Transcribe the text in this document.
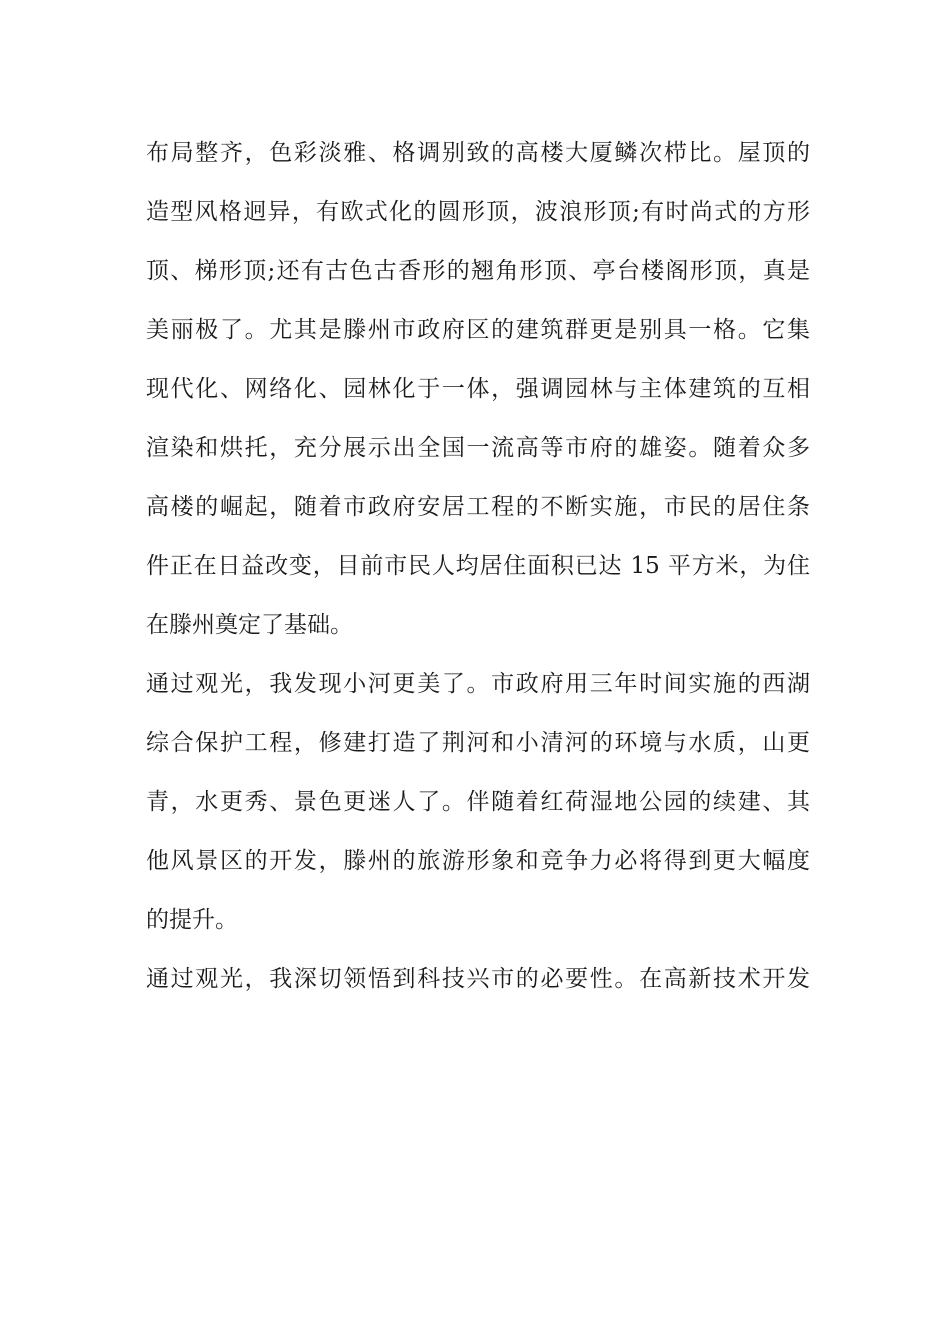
布局整齐，色彩淡雅、格调别致的高楼大厦鳞次栉比。屋顶的
造型风格迥异，有欧式化的圆形顶，波浪形顶;有时尚式的方形
顶、梯形顶;还有古色古香形的翘角形顶、亭台楼阁形顶，真是
美丽极了。尤其是滕州市政府区的建筑群更是别具一格。它集
现代化、网络化、园林化于一体，强调园林与主体建筑的互相
渲染和烘托，充分展示出全国一流高等市府的雄姿。随着众多
高楼的崛起，随着市政府安居工程的不断实施，市民的居住条
件正在日益改变，目前市民人均居住面积已达 15 平方米，为住
在滕州奠定了基础。
通过观光，我发现小河更美了。市政府用三年时间实施的西湖
综合保护工程，修建打造了荆河和小清河的环境与水质，山更
青，水更秀、景色更迷人了。伴随着红荷湿地公园的续建、其
他风景区的开发，滕州的旅游形象和竞争力必将得到更大幅度
的提升。
通过观光，我深切领悟到科技兴市的必要性。在高新技术开发
